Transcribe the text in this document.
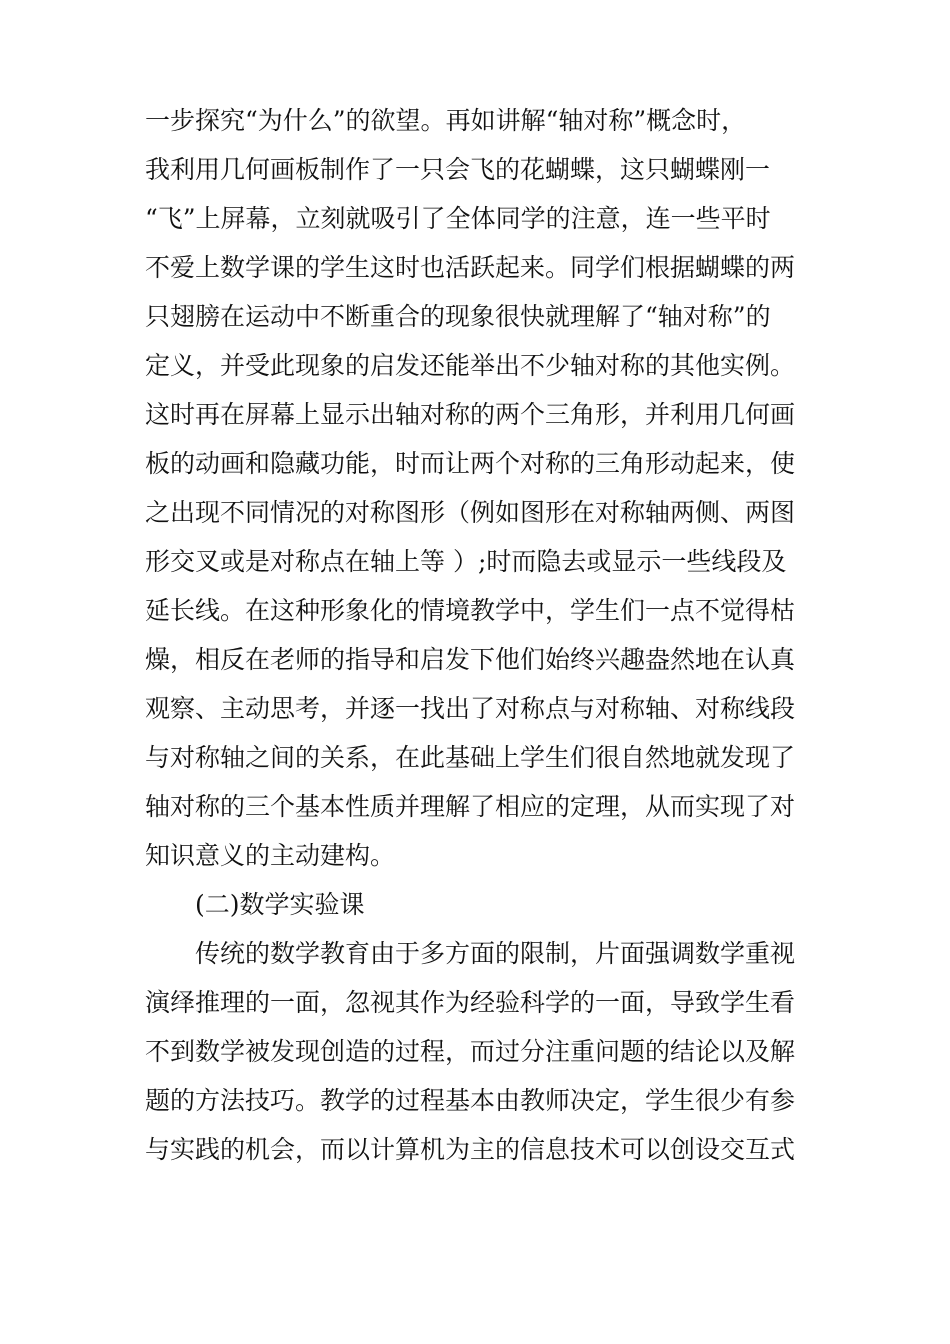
一步探究“为什么”的欲望。再如讲解“轴对称”概念时，
我利用几何画板制作了一只会飞的花蝴蝶，这只蝴蝶刚一
“飞”上屏幕，立刻就吸引了全体同学的注意，连一些平时
不爱上数学课的学生这时也活跃起来。同学们根据蝴蝶的两
只翅膀在运动中不断重合的现象很快就理解了“轴对称”的
定义，并受此现象的启发还能举出不少轴对称的其他实例。
这时再在屏幕上显示出轴对称的两个三角形，并利用几何画
板的动画和隐藏功能，时而让两个对称的三角形动起来，使
之出现不同情况的对称图形（例如图形在对称轴两侧、两图
形交叉或是对称点在轴上等 ）;时而隐去或显示一些线段及
延长线。在这种形象化的情境教学中，学生们一点不觉得枯
燥，相反在老师的指导和启发下他们始终兴趣盎然地在认真
观察、主动思考，并逐一找出了对称点与对称轴、对称线段
与对称轴之间的关系，在此基础上学生们很自然地就发现了
轴对称的三个基本性质并理解了相应的定理，从而实现了对
知识意义的主动建构。
(二)数学实验课
传统的数学教育由于多方面的限制，片面强调数学重视
演绎推理的一面，忽视其作为经验科学的一面，导致学生看
不到数学被发现创造的过程，而过分注重问题的结论以及解
题的方法技巧。教学的过程基本由教师决定，学生很少有参
与实践的机会，而以计算机为主的信息技术可以创设交互式
